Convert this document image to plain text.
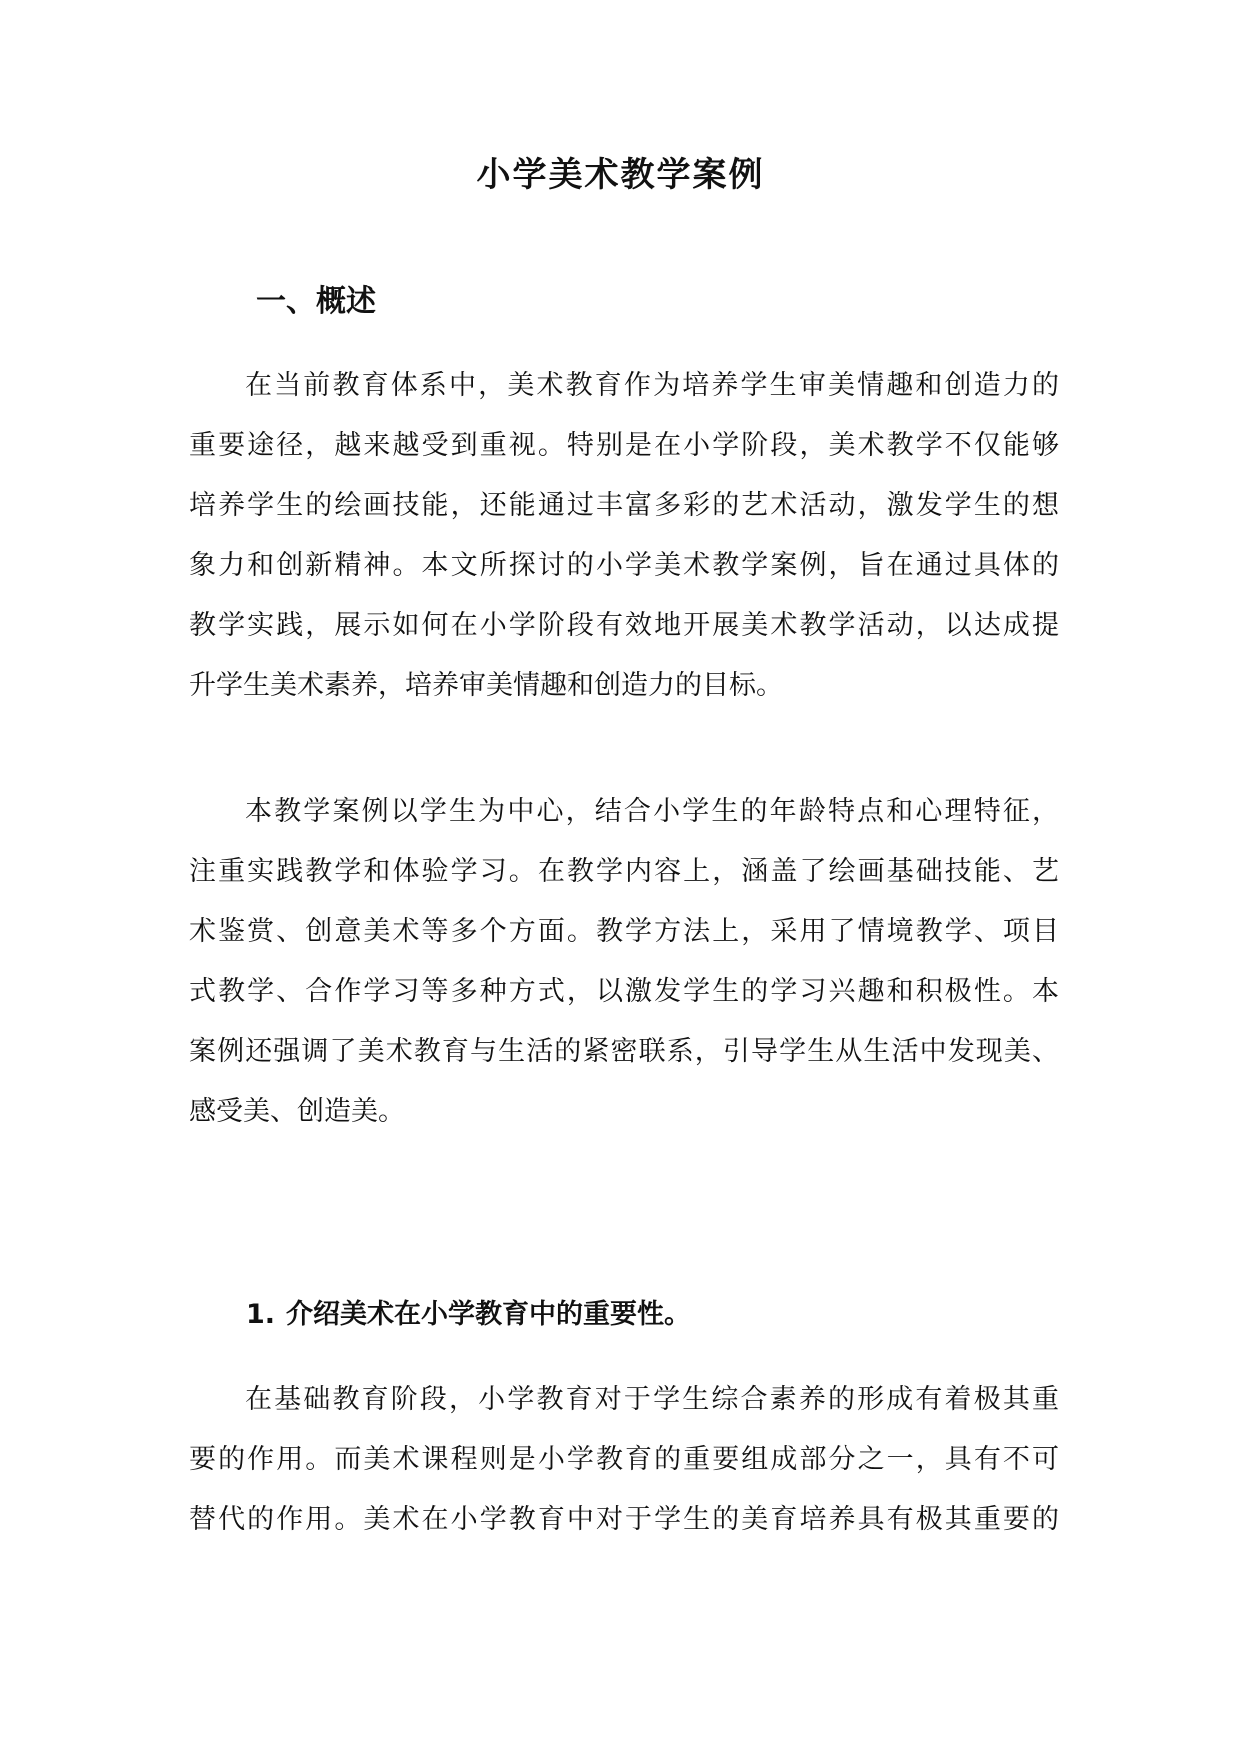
小学美术教学案例
一、概述
在当前教育体系中，美术教育作为培养学生审美情趣和创造力的
重要途径，越来越受到重视。特别是在小学阶段，美术教学不仅能够
培养学生的绘画技能，还能通过丰富多彩的艺术活动，激发学生的想
象力和创新精神。本文所探讨的小学美术教学案例，旨在通过具体的
教学实践，展示如何在小学阶段有效地开展美术教学活动，以达成提
升学生美术素养，培养审美情趣和创造力的目标。
本教学案例以学生为中心，结合小学生的年龄特点和心理特征，
注重实践教学和体验学习。在教学内容上，涵盖了绘画基础技能、艺
术鉴赏、创意美术等多个方面。教学方法上，采用了情境教学、项目
式教学、合作学习等多种方式，以激发学生的学习兴趣和积极性。本
案例还强调了美术教育与生活的紧密联系，引导学生从生活中发现美、
感受美、创造美。
1. 介绍美术在小学教育中的重要性。
在基础教育阶段，小学教育对于学生综合素养的形成有着极其重
要的作用。而美术课程则是小学教育的重要组成部分之一，具有不可
替代的作用。美术在小学教育中对于学生的美育培养具有极其重要的
